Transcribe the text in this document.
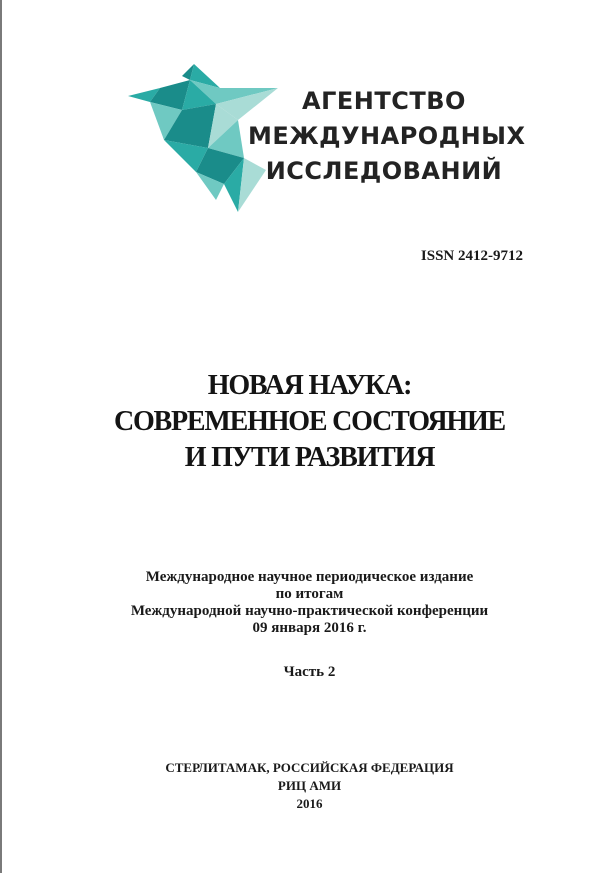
АГЕНТСТВО
МЕЖДУНАРОДНЫХ
ИССЛЕДОВАНИЙ
ISSN 2412-9712
НОВАЯ НАУКА:
СОВРЕМЕННОЕ СОСТОЯНИЕ
И ПУТИ РАЗВИТИЯ
Международное научное периодическое издание
по итогам
Международной научно-практической конференции
09 января 2016 г.
Часть 2
СТЕРЛИТАМАК, РОССИЙСКАЯ ФЕДЕРАЦИЯ
РИЦ АМИ
2016
